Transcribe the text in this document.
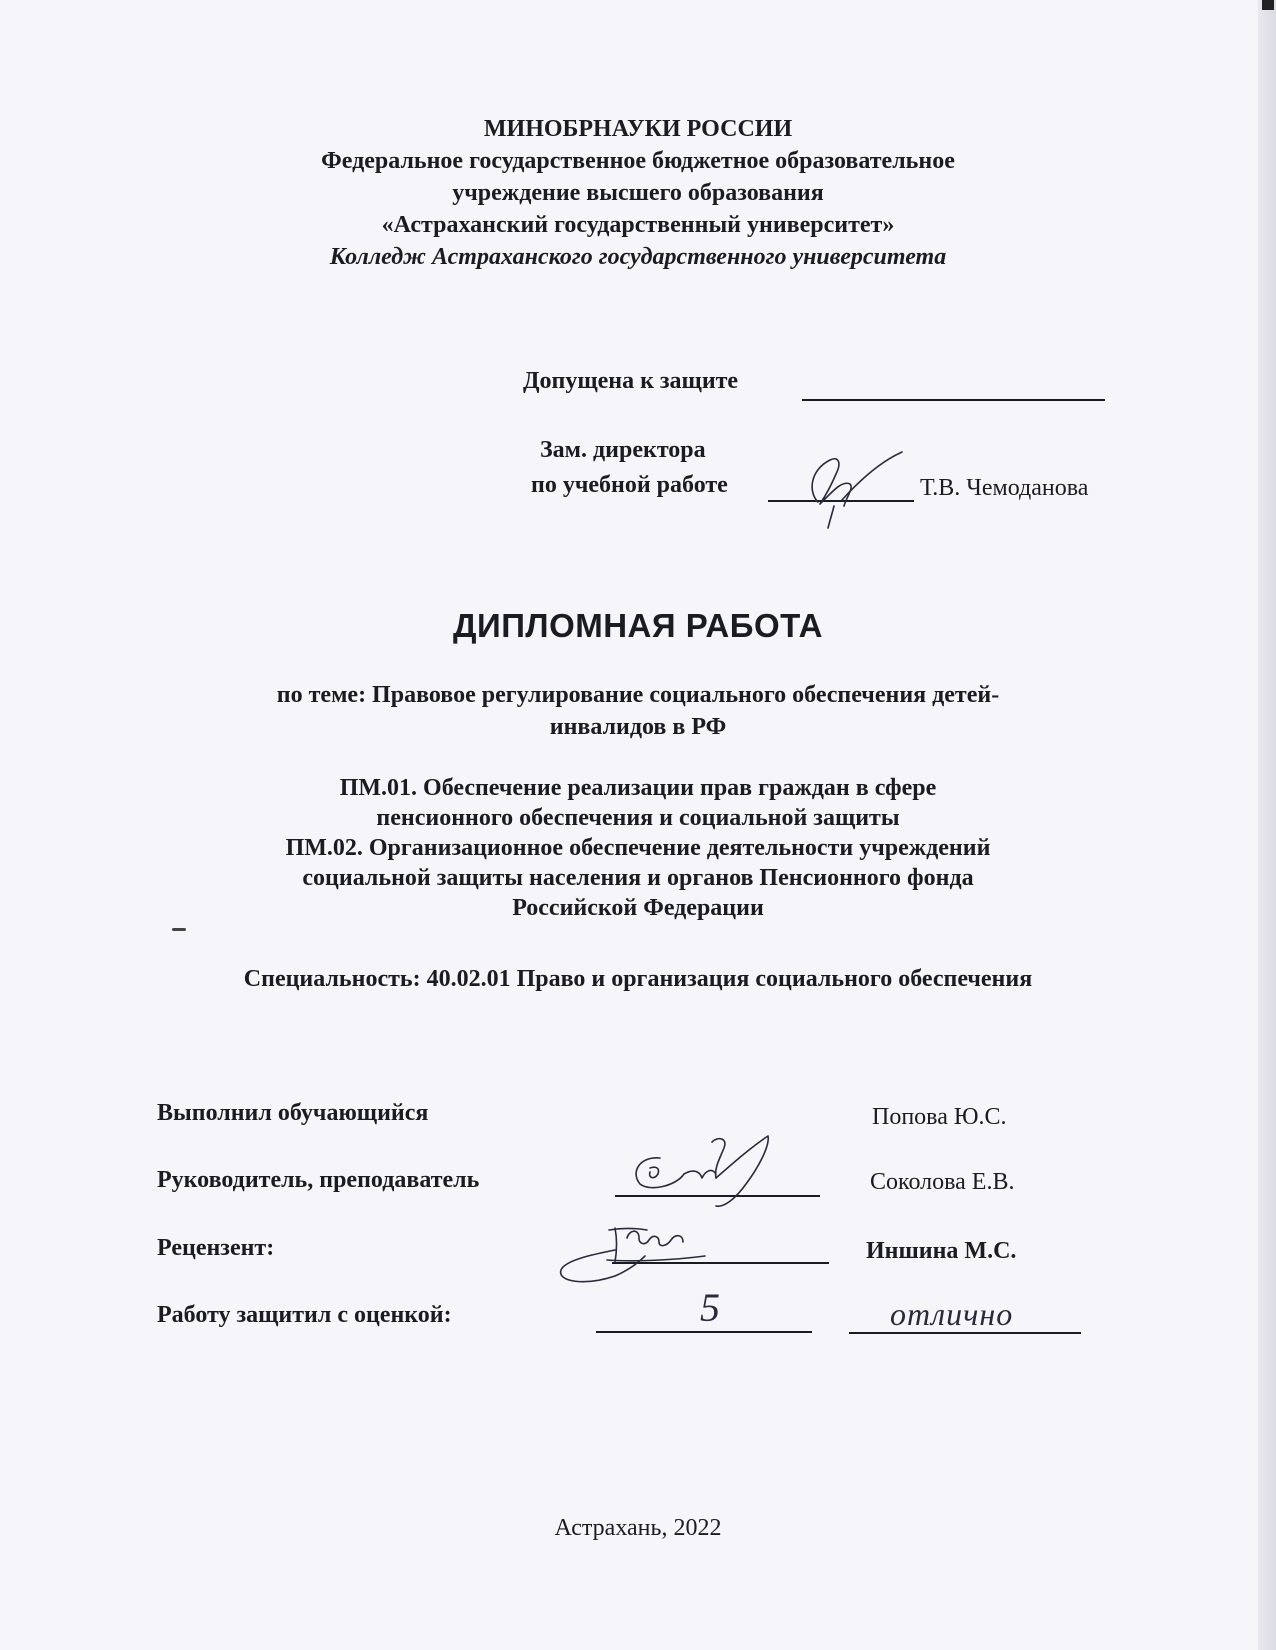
МИНОБРНАУКИ РОССИИ
Федеральное государственное бюджетное образовательное
учреждение высшего образования
«Астраханский государственный университет»
Колледж Астраханского государственного университета
Допущена к защите
Зам. директора
по учебной работе	Т.В. Чемоданова
ДИПЛОМНАЯ РАБОТА
по теме: Правовое регулирование социального обеспечения детей-
инвалидов в РФ
ПМ.01. Обеспечение реализации прав граждан в сфере
пенсионного обеспечения и социальной защиты
ПМ.02. Организационное обеспечение деятельности учреждений
социальной защиты населения и органов Пенсионного фонда
Российской Федерации
Специальность: 40.02.01 Право и организация социального обеспечения
Выполнил обучающийся	Попова Ю.С.
Руководитель, преподаватель	Соколова Е.В.
Рецензент:	Иншина М.С.
Работу защитил с оценкой:	5	отлично
Астрахань, 2022
